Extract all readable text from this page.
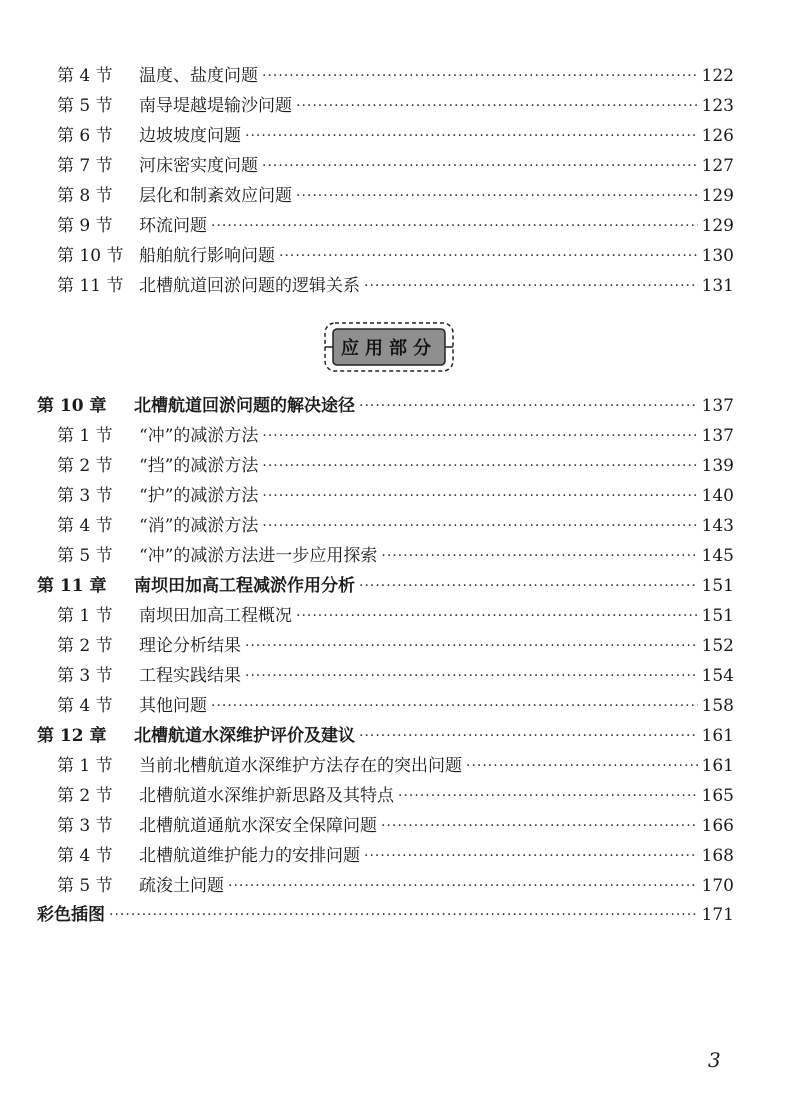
第 4 节	温度、盐度问题 ·····	122
第 5 节	南导堤越堤输沙问题 ·····	123
第 6 节	边坡坡度问题 ·····	126
第 7 节	河床密实度问题 ·····	127
第 8 节	层化和制紊效应问题 ·····	129
第 9 节	环流问题 ·····	129
第 10 节 船舶航行影响问题 ·····	130
第 11 节 北槽航道回淤问题的逻辑关系 ·····	131
应用部分
第 10 章	北槽航道回淤问题的解决途径 ·····	137
第 1 节	“冲”的减淤方法 ·····	137
第 2 节	“挡”的减淤方法 ·····	139
第 3 节	“护”的减淤方法 ·····	140
第 4 节	“消”的减淤方法 ·····	143
第 5 节	“冲”的减淤方法进一步应用探索 ·····	145
第 11 章	南坝田加高工程减淤作用分析 ·····	151
第 1 节	南坝田加高工程概况 ·····	151
第 2 节	理论分析结果 ·····	152
第 3 节	工程实践结果 ·····	154
第 4 节	其他问题 ·····	158
第 12 章	北槽航道水深维护评价及建议 ·····	161
第 1 节	当前北槽航道水深维护方法存在的突出问题 ·····	161
第 2 节	北槽航道水深维护新思路及其特点 ·····	165
第 3 节	北槽航道通航水深安全保障问题 ·····	166
第 4 节	北槽航道维护能力的安排问题 ·····	168
第 5 节	疏浚土问题 ·····	170
彩色插图 ·····	171
3
